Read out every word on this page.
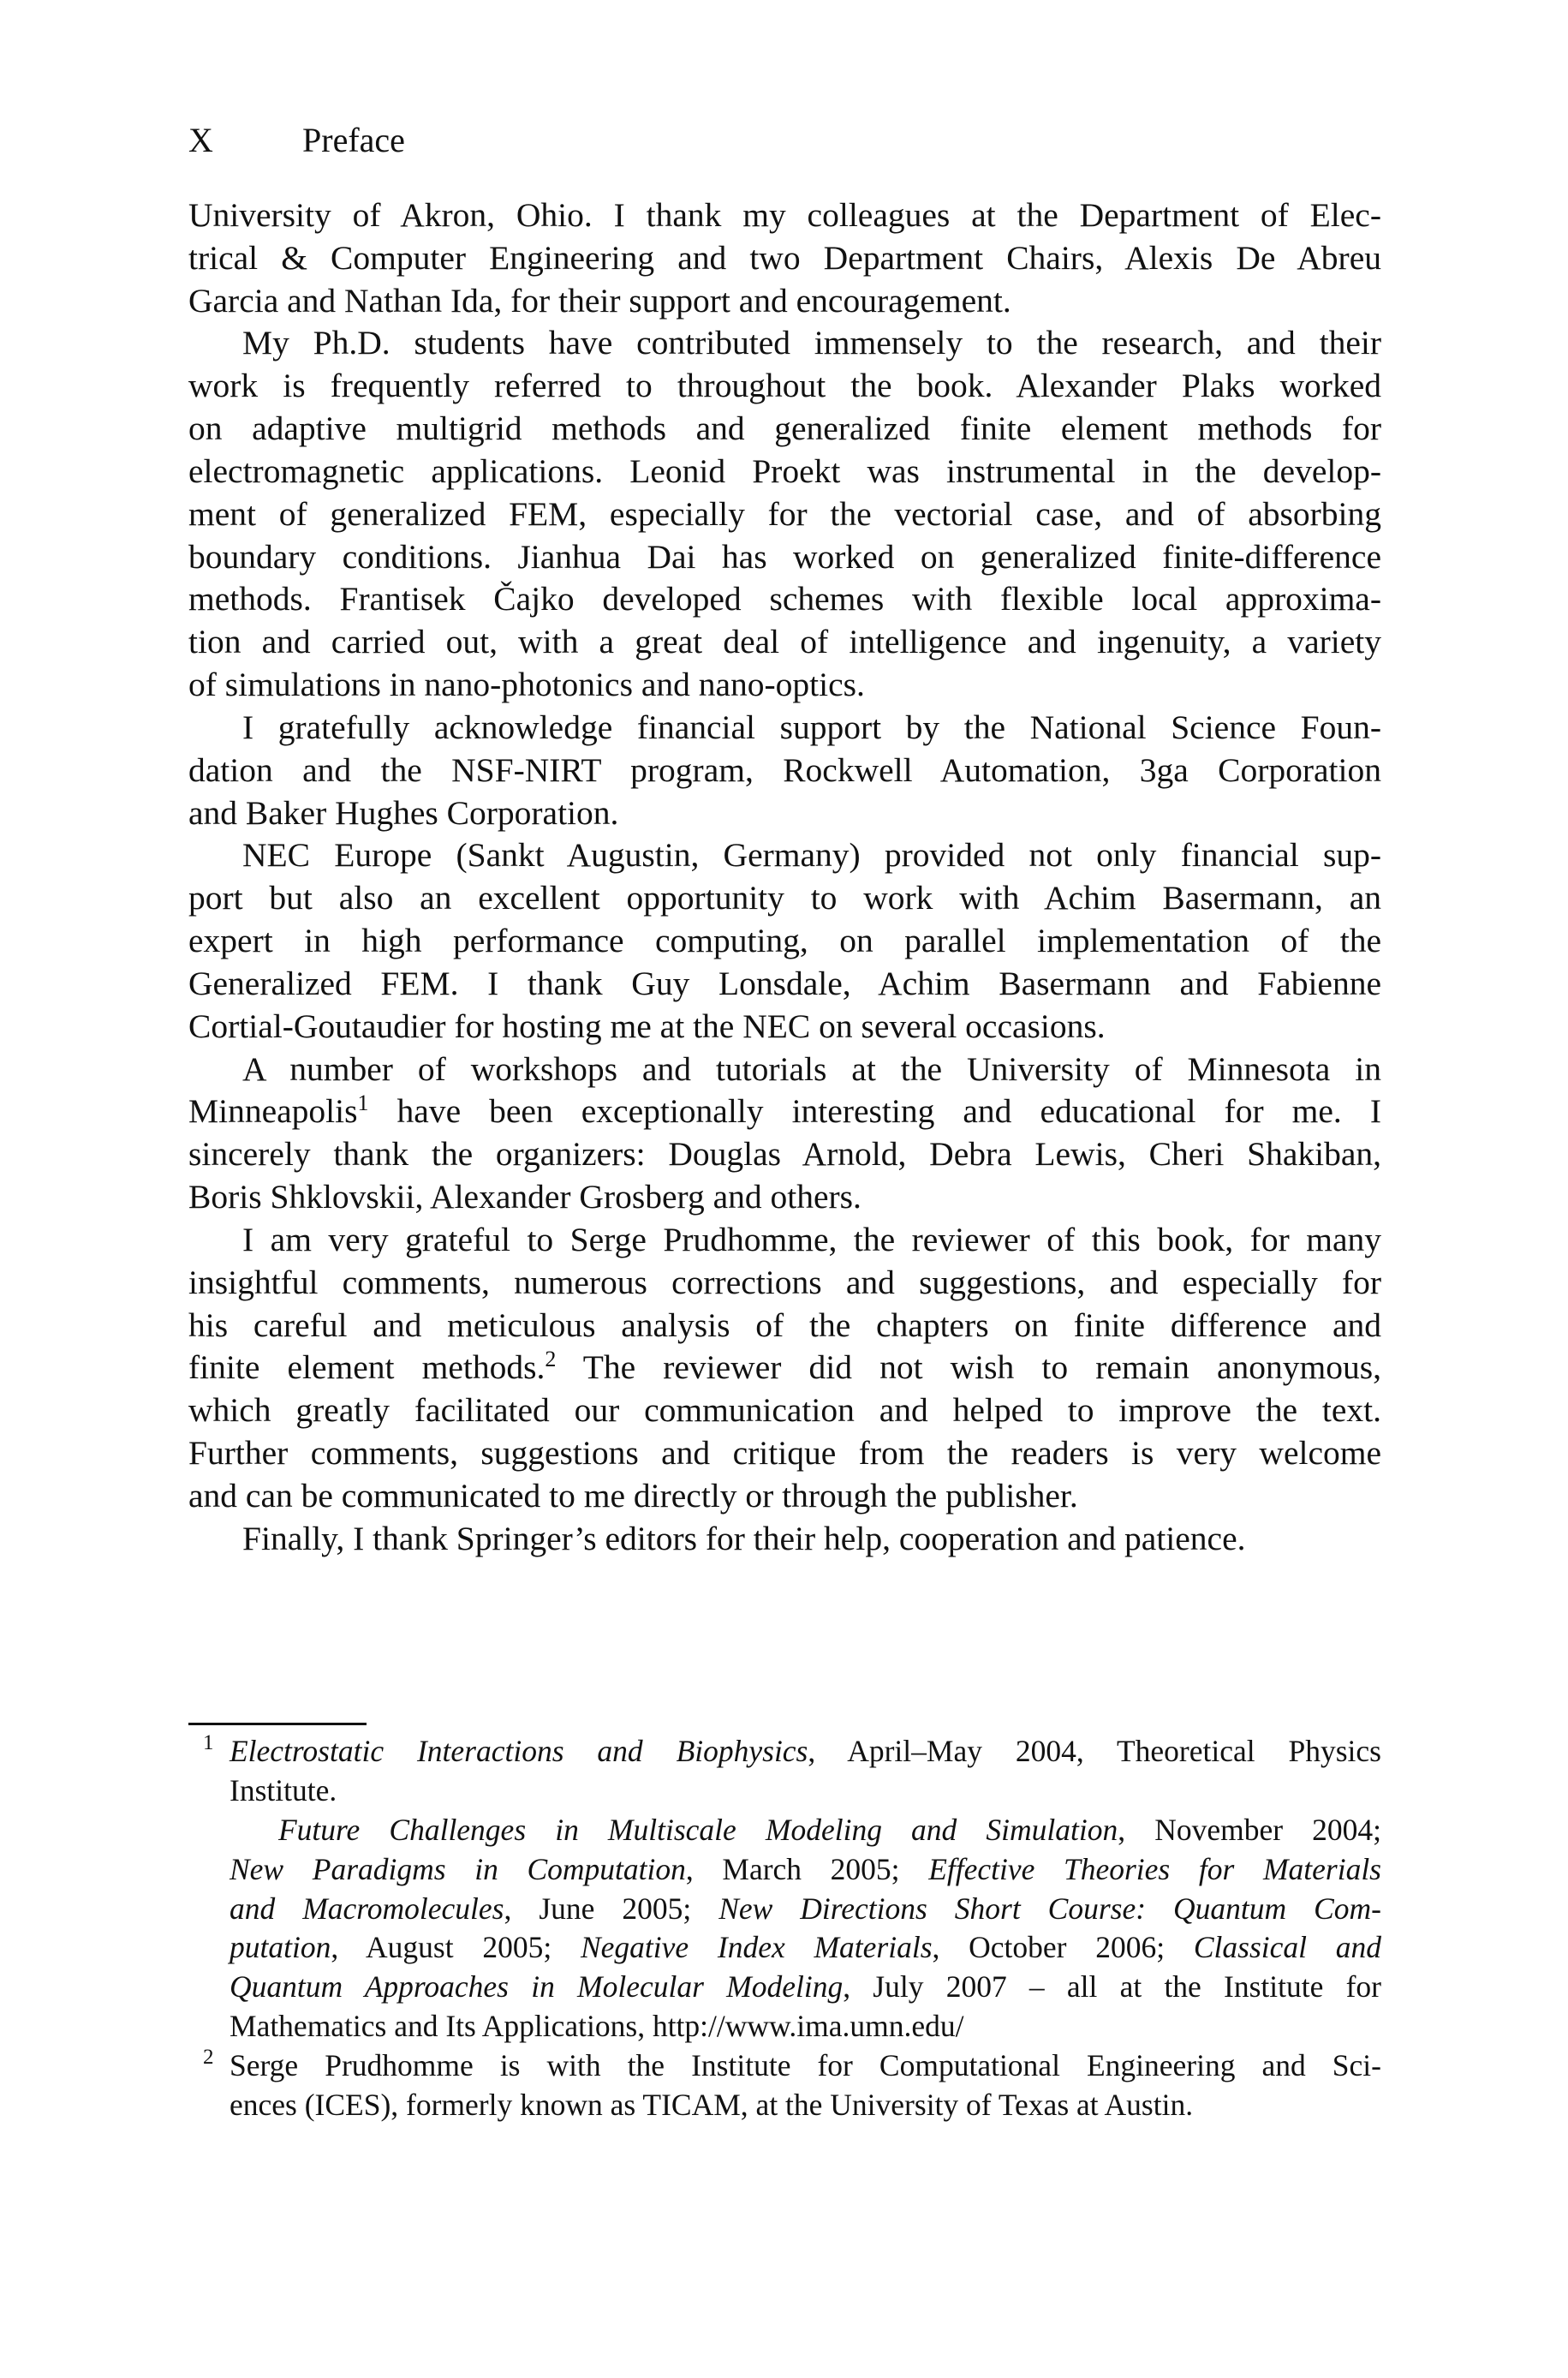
X	Preface
University of Akron, Ohio. I thank my colleagues at the Department of Elec-
trical & Computer Engineering and two Department Chairs, Alexis De Abreu
Garcia and Nathan Ida, for their support and encouragement.
My Ph.D. students have contributed immensely to the research, and their
work is frequently referred to throughout the book. Alexander Plaks worked
on adaptive multigrid methods and generalized finite element methods for
electromagnetic applications. Leonid Proekt was instrumental in the develop-
ment of generalized FEM, especially for the vectorial case, and of absorbing
boundary conditions. Jianhua Dai has worked on generalized finite-difference
methods. Frantisek Čajko developed schemes with flexible local approxima-
tion and carried out, with a great deal of intelligence and ingenuity, a variety
of simulations in nano-photonics and nano-optics.
I gratefully acknowledge financial support by the National Science Foun-
dation and the NSF-NIRT program, Rockwell Automation, 3ga Corporation
and Baker Hughes Corporation.
NEC Europe (Sankt Augustin, Germany) provided not only financial sup-
port but also an excellent opportunity to work with Achim Basermann, an
expert in high performance computing, on parallel implementation of the
Generalized FEM. I thank Guy Lonsdale, Achim Basermann and Fabienne
Cortial-Goutaudier for hosting me at the NEC on several occasions.
A number of workshops and tutorials at the University of Minnesota in
Minneapolis$^1$ have been exceptionally interesting and educational for me. I
sincerely thank the organizers: Douglas Arnold, Debra Lewis, Cheri Shakiban,
Boris Shklovskii, Alexander Grosberg and others.
I am very grateful to Serge Prudhomme, the reviewer of this book, for many
insightful comments, numerous corrections and suggestions, and especially for
his careful and meticulous analysis of the chapters on finite difference and
finite element methods.$^2$ The reviewer did not wish to remain anonymous,
which greatly facilitated our communication and helped to improve the text.
Further comments, suggestions and critique from the readers is very welcome
and can be communicated to me directly or through the publisher.
Finally, I thank Springer’s editors for their help, cooperation and patience.
1 Electrostatic Interactions and Biophysics, April–May 2004, Theoretical Physics
Institute.
Future Challenges in Multiscale Modeling and Simulation, November 2004;
New Paradigms in Computation, March 2005; Effective Theories for Materials
and Macromolecules, June 2005; New Directions Short Course: Quantum Com-
putation, August 2005; Negative Index Materials, October 2006; Classical and
Quantum Approaches in Molecular Modeling, July 2007 – all at the Institute for
Mathematics and Its Applications, http://www.ima.umn.edu/
2 Serge Prudhomme is with the Institute for Computational Engineering and Sci-
ences (ICES), formerly known as TICAM, at the University of Texas at Austin.
